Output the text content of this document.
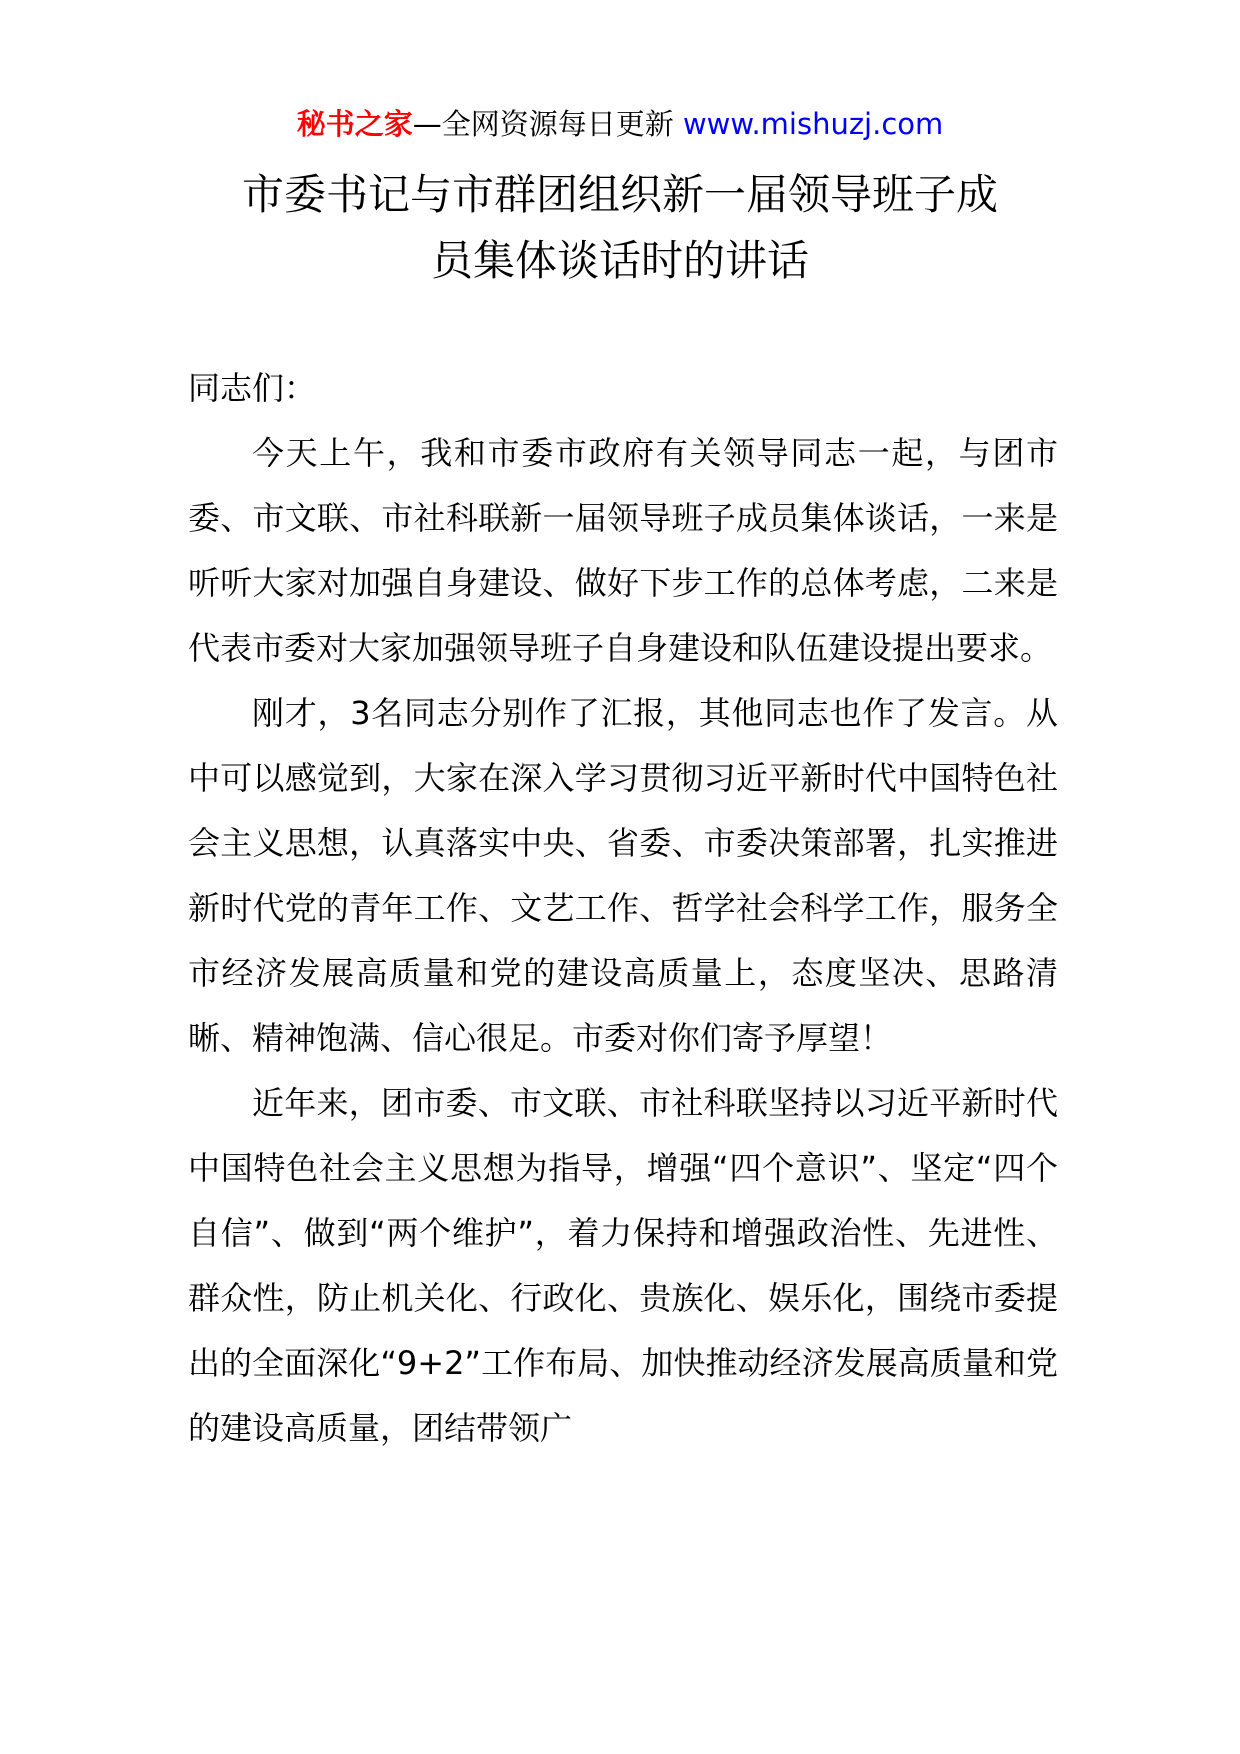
秘书之家—全网资源每日更新 www.mishuzj.com
市委书记与市群团组织新一届领导班子成
员集体谈话时的讲话

同志们：

今天上午，我和市委市政府有关领导同志一起，与团市委、市文联、市社科联新一届领导班子成员集体谈话，一来是听听大家对加强自身建设、做好下步工作的总体考虑，二来是代表市委对大家加强领导班子自身建设和队伍建设提出要求。

刚才，3名同志分别作了汇报，其他同志也作了发言。从中可以感觉到，大家在深入学习贯彻习近平新时代中国特色社会主义思想，认真落实中央、省委、市委决策部署，扎实推进新时代党的青年工作、文艺工作、哲学社会科学工作，服务全市经济发展高质量和党的建设高质量上，态度坚决、思路清晰、精神饱满、信心很足。市委对你们寄予厚望！

近年来，团市委、市文联、市社科联坚持以习近平新时代中国特色社会主义思想为指导，增强“四个意识”、坚定“四个自信”、做到“两个维护”，着力保持和增强政治性、先进性、群众性，防止机关化、行政化、贵族化、娱乐化，围绕市委提出的全面深化“9+2”工作布局、加快推动经济发展高质量和党的建设高质量，团结带领广
